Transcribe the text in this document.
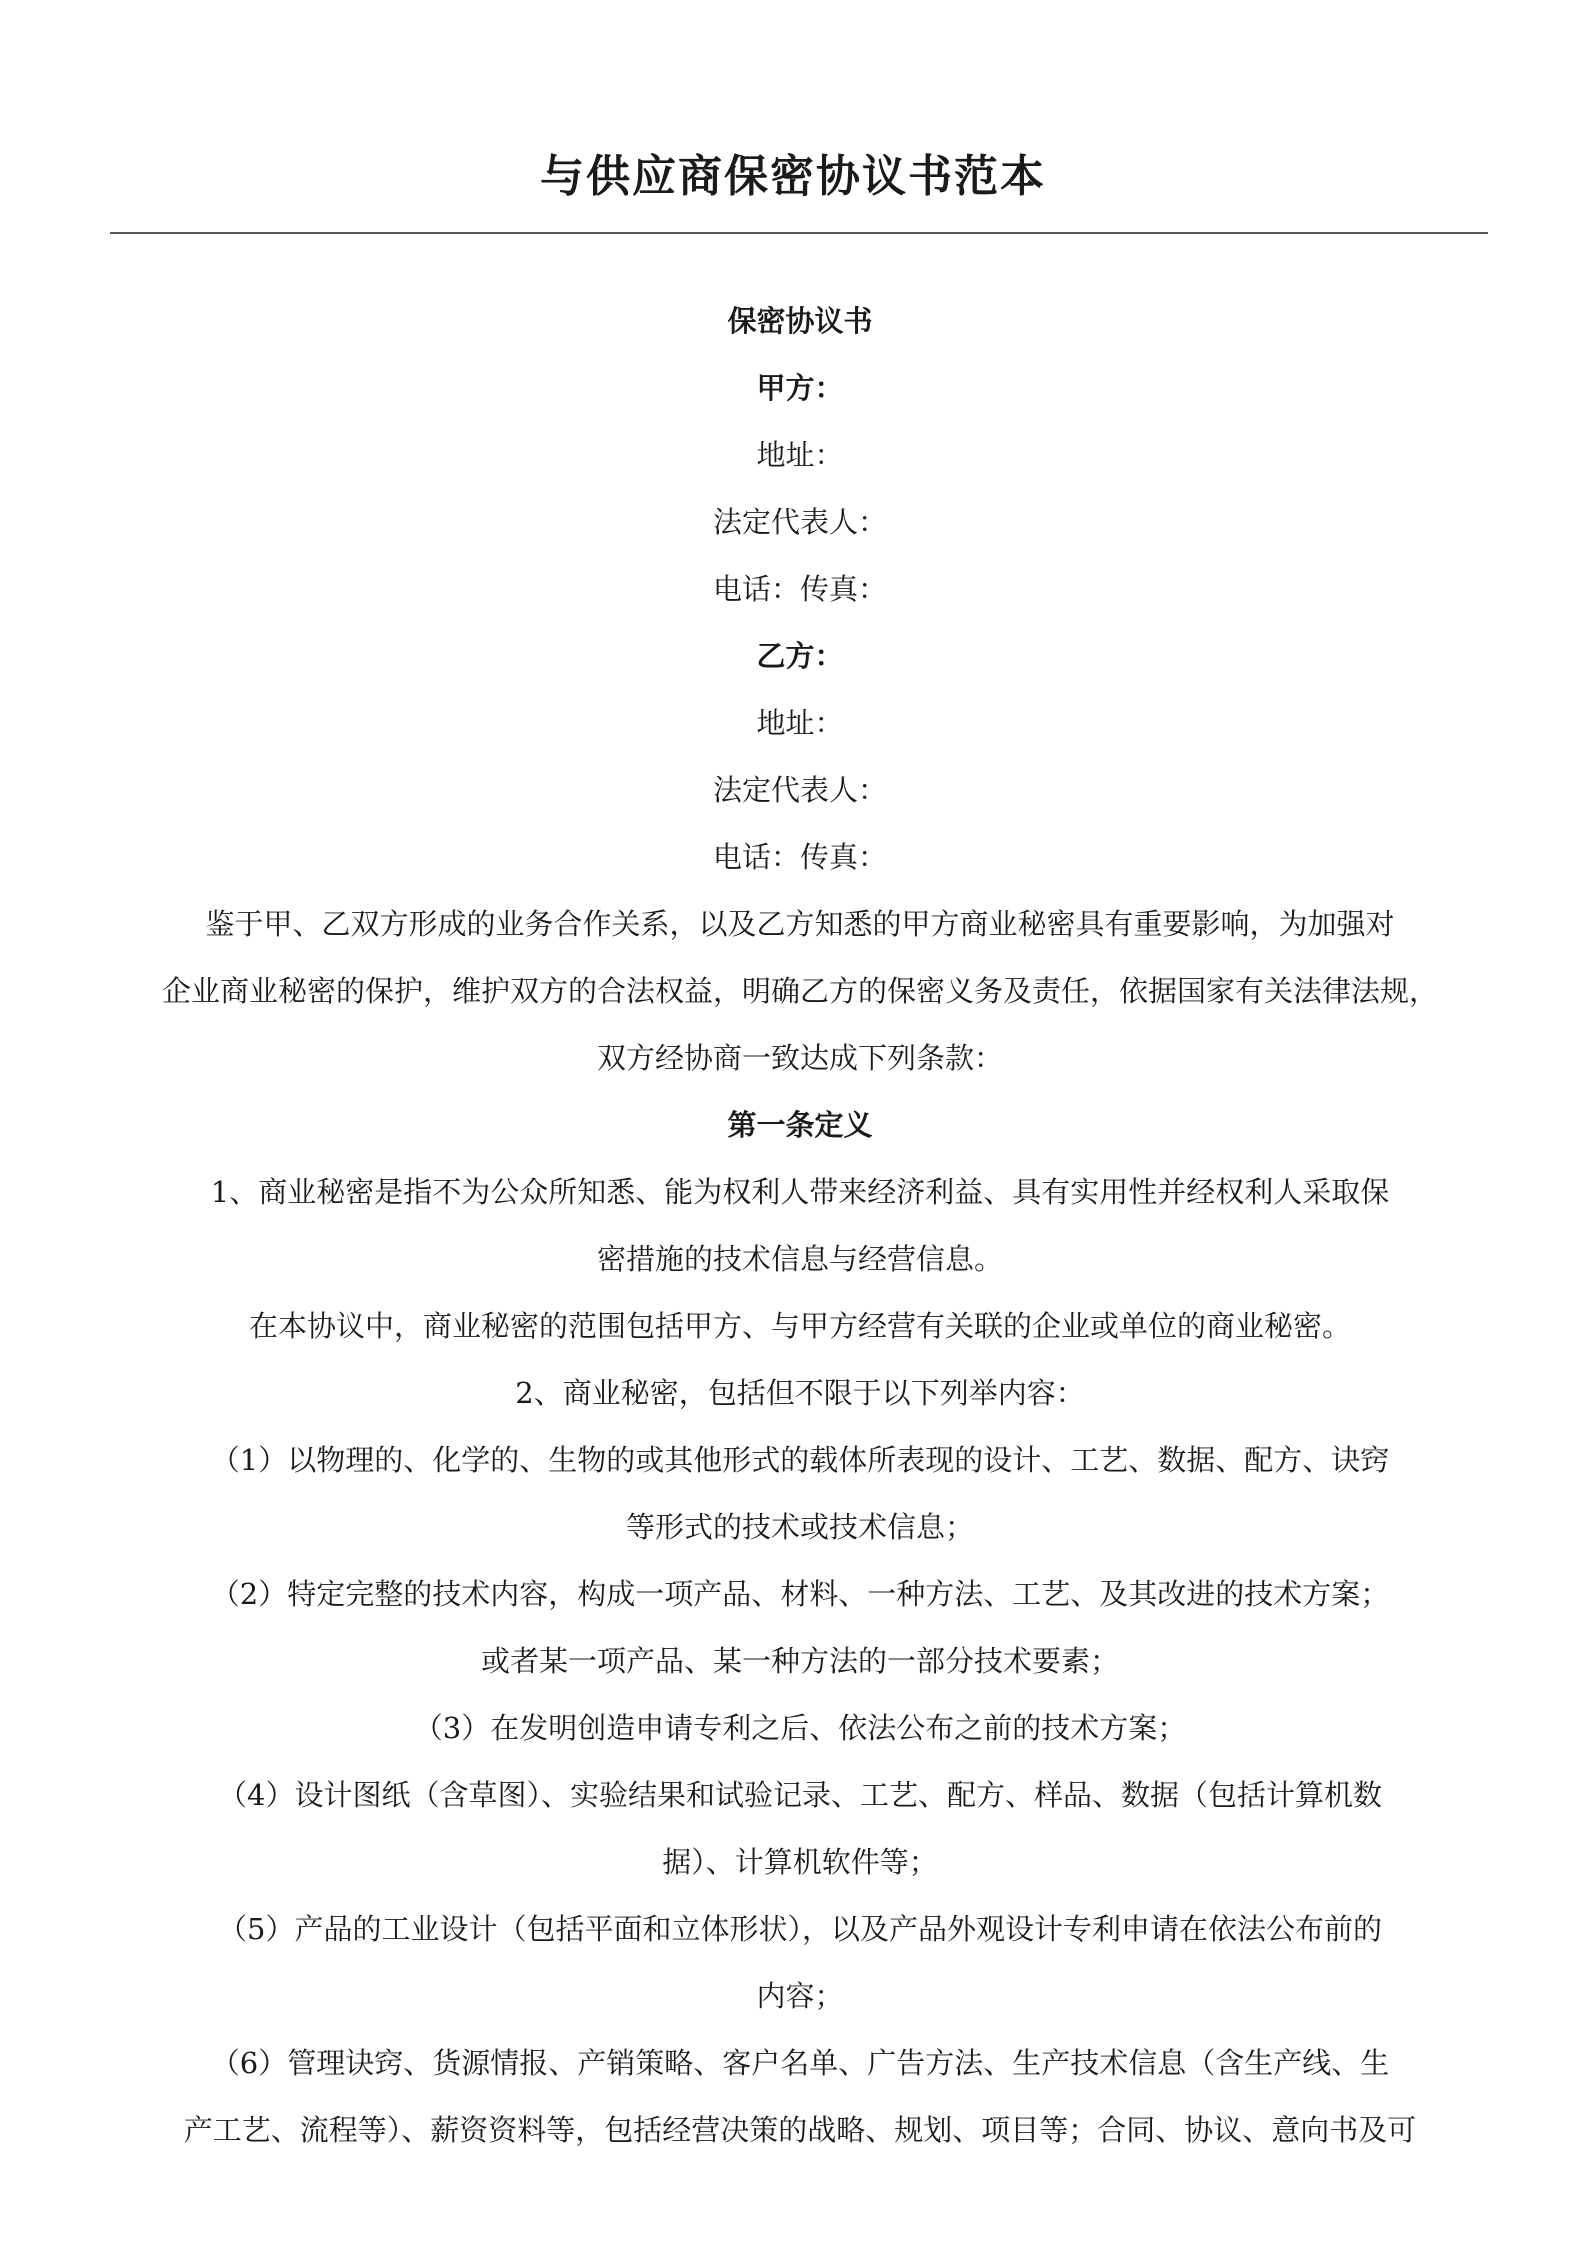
与供应商保密协议书范本
保密协议书
甲方：
地址：
法定代表人：
电话：传真：
乙方：
地址：
法定代表人：
电话：传真：
鉴于甲、乙双方形成的业务合作关系，以及乙方知悉的甲方商业秘密具有重要影响，为加强对
企业商业秘密的保护，维护双方的合法权益，明确乙方的保密义务及责任，依据国家有关法律法规，
双方经协商一致达成下列条款：
第一条定义
1、商业秘密是指不为公众所知悉、能为权利人带来经济利益、具有实用性并经权利人采取保
密措施的技术信息与经营信息。
在本协议中，商业秘密的范围包括甲方、与甲方经营有关联的企业或单位的商业秘密。
2、商业秘密，包括但不限于以下列举内容：
（1）以物理的、化学的、生物的或其他形式的载体所表现的设计、工艺、数据、配方、诀窍
等形式的技术或技术信息；
（2）特定完整的技术内容，构成一项产品、材料、一种方法、工艺、及其改进的技术方案；
或者某一项产品、某一种方法的一部分技术要素；
（3）在发明创造申请专利之后、依法公布之前的技术方案；
（4）设计图纸（含草图）、实验结果和试验记录、工艺、配方、样品、数据（包括计算机数
据）、计算机软件等；
（5）产品的工业设计（包括平面和立体形状），以及产品外观设计专利申请在依法公布前的
内容；
（6）管理诀窍、货源情报、产销策略、客户名单、广告方法、生产技术信息（含生产线、生
产工艺、流程等）、薪资资料等，包括经营决策的战略、规划、项目等；合同、协议、意向书及可
